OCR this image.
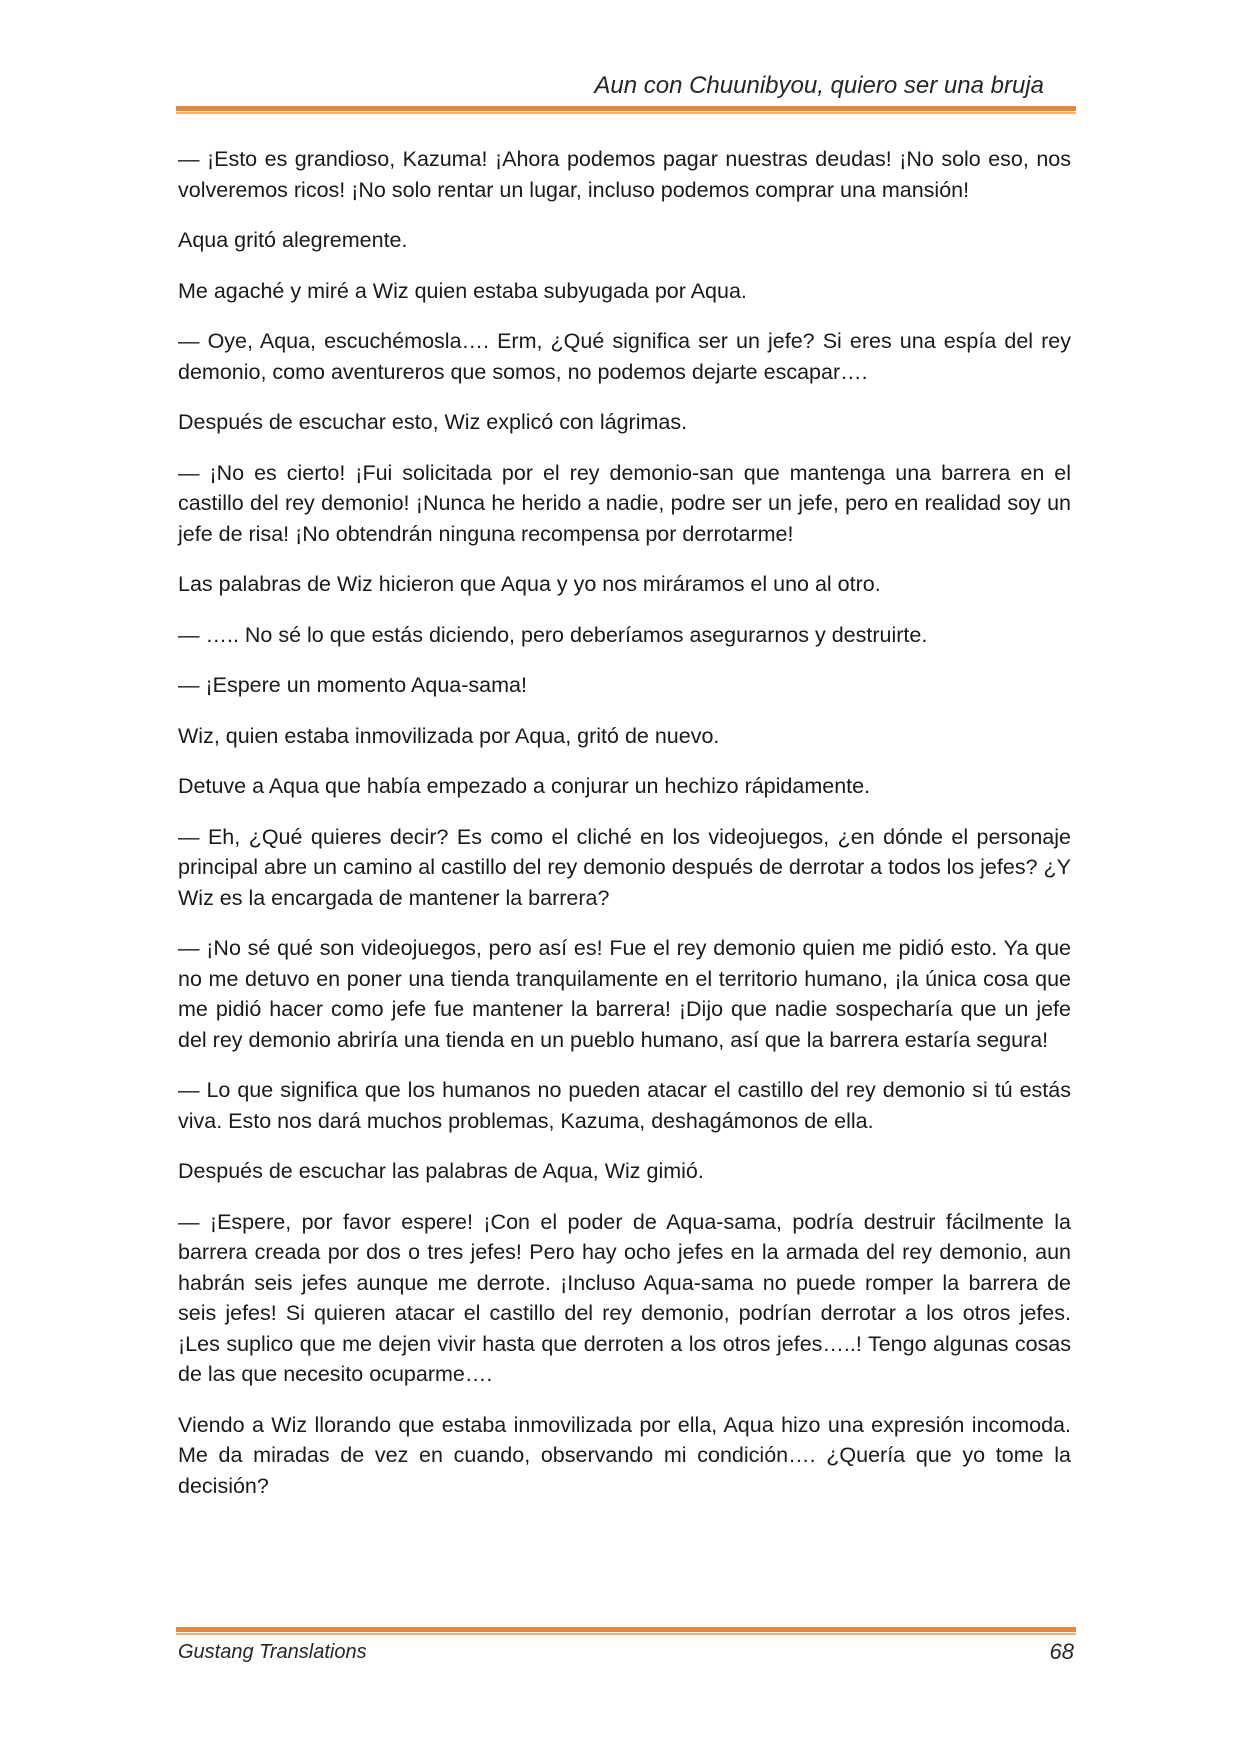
Aun con Chuunibyou, quiero ser una bruja

— ¡Esto es grandioso, Kazuma! ¡Ahora podemos pagar nuestras deudas! ¡No solo eso, nos volveremos ricos! ¡No solo rentar un lugar, incluso podemos comprar una mansión!

Aqua gritó alegremente.

Me agaché y miré a Wiz quien estaba subyugada por Aqua.

— Oye, Aqua, escuchémosla…. Erm, ¿Qué significa ser un jefe? Si eres una espía del rey demonio, como aventureros que somos, no podemos dejarte escapar….

Después de escuchar esto, Wiz explicó con lágrimas.

— ¡No es cierto! ¡Fui solicitada por el rey demonio-san que mantenga una barrera en el castillo del rey demonio! ¡Nunca he herido a nadie, podre ser un jefe, pero en realidad soy un jefe de risa! ¡No obtendrán ninguna recompensa por derrotarme!

Las palabras de Wiz hicieron que Aqua y yo nos miráramos el uno al otro.

— ….. No sé lo que estás diciendo, pero deberíamos asegurarnos y destruirte.

— ¡Espere un momento Aqua-sama!

Wiz, quien estaba inmovilizada por Aqua, gritó de nuevo.

Detuve a Aqua que había empezado a conjurar un hechizo rápidamente.

— Eh, ¿Qué quieres decir? Es como el cliché en los videojuegos, ¿en dónde el personaje principal abre un camino al castillo del rey demonio después de derrotar a todos los jefes? ¿Y Wiz es la encargada de mantener la barrera?

— ¡No sé qué son videojuegos, pero así es! Fue el rey demonio quien me pidió esto. Ya que no me detuvo en poner una tienda tranquilamente en el territorio humano, ¡la única cosa que me pidió hacer como jefe fue mantener la barrera! ¡Dijo que nadie sospecharía que un jefe del rey demonio abriría una tienda en un pueblo humano, así que la barrera estaría segura!

— Lo que significa que los humanos no pueden atacar el castillo del rey demonio si tú estás viva. Esto nos dará muchos problemas, Kazuma, deshagámonos de ella.

Después de escuchar las palabras de Aqua, Wiz gimió.

— ¡Espere, por favor espere! ¡Con el poder de Aqua-sama, podría destruir fácilmente la barrera creada por dos o tres jefes! Pero hay ocho jefes en la armada del rey demonio, aun habrán seis jefes aunque me derrote. ¡Incluso Aqua-sama no puede romper la barrera de seis jefes! Si quieren atacar el castillo del rey demonio, podrían derrotar a los otros jefes. ¡Les suplico que me dejen vivir hasta que derroten a los otros jefes…..! Tengo algunas cosas de las que necesito ocuparme….

Viendo a Wiz llorando que estaba inmovilizada por ella, Aqua hizo una expresión incomoda. Me da miradas de vez en cuando, observando mi condición…. ¿Quería que yo tome la decisión?

Gustang Translations	68
